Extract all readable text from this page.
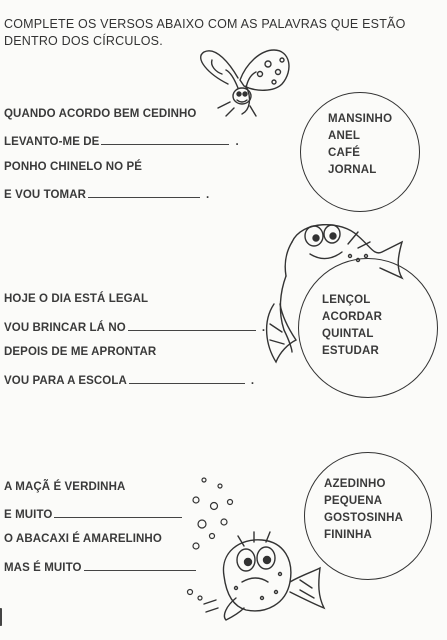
COMPLETE OS VERSOS ABAIXO COM AS PALAVRAS QUE ESTÃO DENTRO DOS CÍRCULOS.
QUANDO ACORDO BEM CEDINHO
LEVANTO-ME DE	.
PONHO CHINELO NO PÉ
E VOU TOMAR	.
MANSINHO
ANEL
CAFÉ
JORNAL
HOJE O DIA ESTÁ LEGAL
VOU BRINCAR LÁ NO	.
DEPOIS DE ME APRONTAR
VOU PARA A ESCOLA	.
LENÇOL
ACORDAR
QUINTAL
ESTUDAR
A MAÇÃ É VERDINHA
E MUITO
O ABACAXI É AMARELINHO
MAS É MUITO
AZEDINHO
PEQUENA
GOSTOSINHA
FININHA
